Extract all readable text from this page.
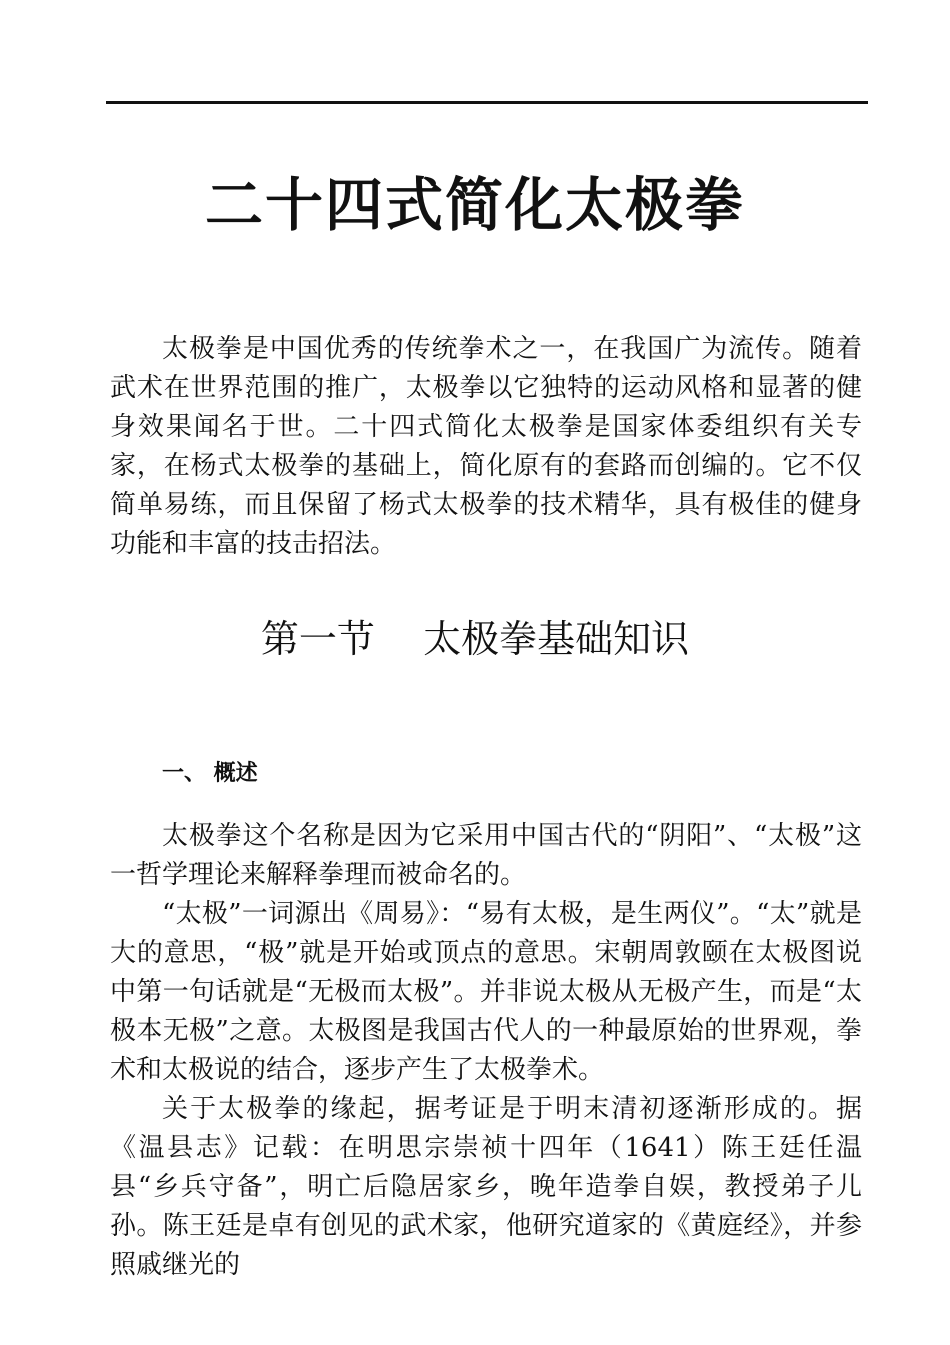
二十四式简化太极拳

太极拳是中国优秀的传统拳术之一，在我国广为流传。随着武术在世界范围的推广，太极拳以它独特的运动风格和显著的健身效果闻名于世。二十四式简化太极拳是国家体委组织有关专家，在杨式太极拳的基础上，简化原有的套路而创编的。它不仅简单易练，而且保留了杨式太极拳的技术精华，具有极佳的健身功能和丰富的技击招法。

第一节    太极拳基础知识
一、 概述

太极拳这个名称是因为它采用中国古代的“阴阳”、“太极”这一哲学理论来解释拳理而被命名的。

“太极”一词源出《周易》：“易有太极，是生两仪”。“太”就是大的意思，“极”就是开始或顶点的意思。宋朝周敦颐在太极图说中第一句话就是“无极而太极”。并非说太极从无极产生，而是“太极本无极”之意。太极图是我国古代人的一种最原始的世界观，拳术和太极说的结合，逐步产生了太极拳术。

关于太极拳的缘起，据考证是于明末清初逐渐形成的。据《温县志》记载：在明思宗崇祯十四年（1641）陈王廷任温县“乡兵守备”，明亡后隐居家乡，晚年造拳自娱，教授弟子儿孙。陈王廷是卓有创见的武术家，他研究道家的《黄庭经》，并参照戚继光的
